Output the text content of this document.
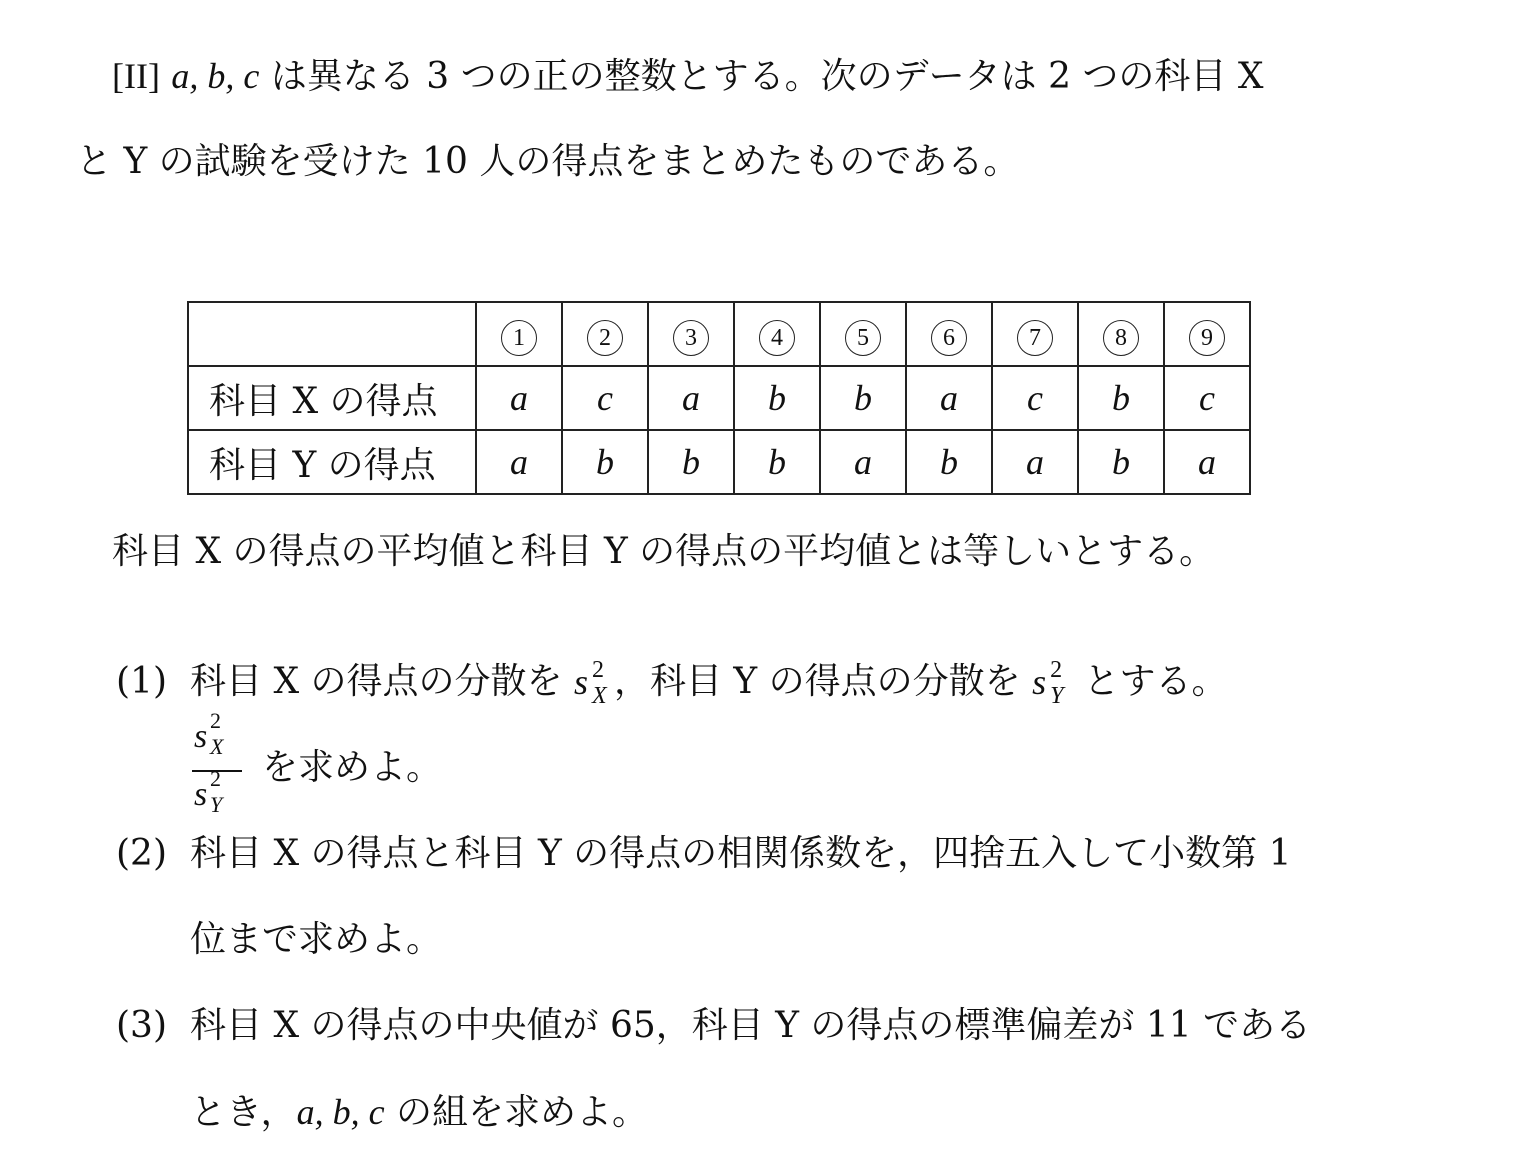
[II] a, b, c は異なる 3 つの正の整数とする。次のデータは 2 つの科目 X
と Y の試験を受けた 10 人の得点をまとめたものである。
	1	2	3	4	5	6	7	8	9
科目 X の得点	a	c	a	b	b	a	c	b	c
科目 Y の得点	a	b	b	b	a	b	a	b	a
科目 X の得点の平均値と科目 Y の得点の平均値とは等しいとする。
(1) 科目 X の得点の分散を s 2
X ，科目 Y の得点の分散を s 2
Y とする。
s 2
X
s 2
Y
を求めよ。
(2) 科目 X の得点と科目 Y の得点の相関係数を，四捨五入して小数第 1
位まで求めよ。
(3) 科目 X の得点の中央値が 65，科目 Y の得点の標準偏差が 11 である
とき，a, b, c の組を求めよ。
